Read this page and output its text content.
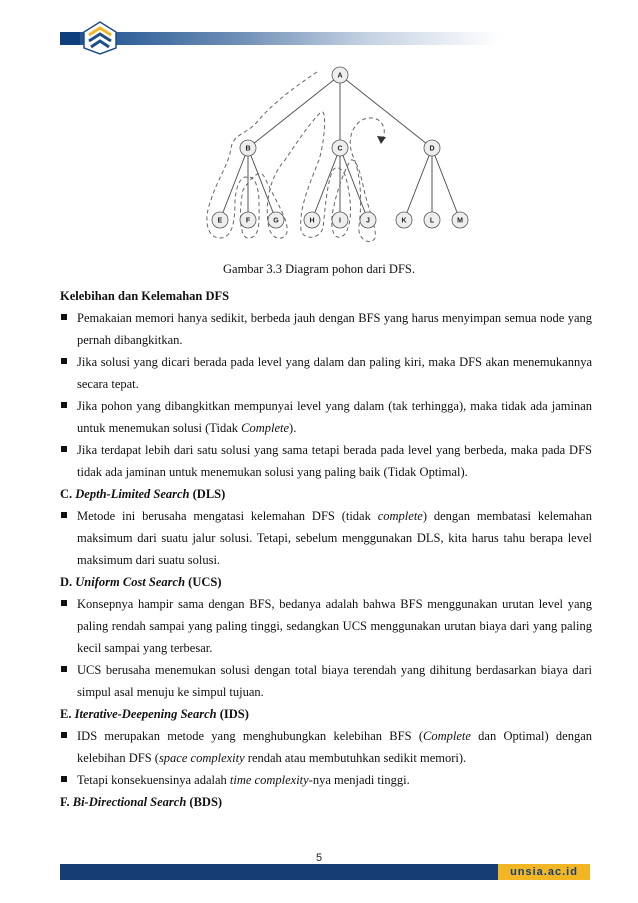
A
B	C	D
E	F	G	H	I	J	K	L	M
Gambar 3.3 Diagram pohon dari DFS.
Kelebihan dan Kelemahan DFS
Pemakaian memori hanya sedikit, berbeda jauh dengan BFS yang harus menyimpan semua node yang pernah dibangkitkan.
Jika solusi yang dicari berada pada level yang dalam dan paling kiri, maka DFS akan menemukannya secara tepat.
Jika pohon yang dibangkitkan mempunyai level yang dalam (tak terhingga), maka tidak ada jaminan untuk menemukan solusi (Tidak Complete).
Jika terdapat lebih dari satu solusi yang sama tetapi berada pada level yang berbeda, maka pada DFS tidak ada jaminan untuk menemukan solusi yang paling baik (Tidak Optimal).
C. Depth-Limited Search (DLS)
Metode ini berusaha mengatasi kelemahan DFS (tidak complete) dengan membatasi kelemahan maksimum dari suatu jalur solusi. Tetapi, sebelum menggunakan DLS, kita harus tahu berapa level maksimum dari suatu solusi.
D. Uniform Cost Search (UCS)
Konsepnya hampir sama dengan BFS, bedanya adalah bahwa BFS menggunakan urutan level yang paling rendah sampai yang paling tinggi, sedangkan UCS menggunakan urutan biaya dari yang paling kecil sampai yang terbesar.
UCS berusaha menemukan solusi dengan total biaya terendah yang dihitung berdasarkan biaya dari simpul asal menuju ke simpul tujuan.
E. Iterative-Deepening Search (IDS)
IDS merupakan metode yang menghubungkan kelebihan BFS (Complete dan Optimal) dengan kelebihan DFS (space complexity rendah atau membutuhkan sedikit memori).
Tetapi konsekuensinya adalah time complexity-nya menjadi tinggi.
F. Bi-Directional Search (BDS)
5
unsia.ac.id
